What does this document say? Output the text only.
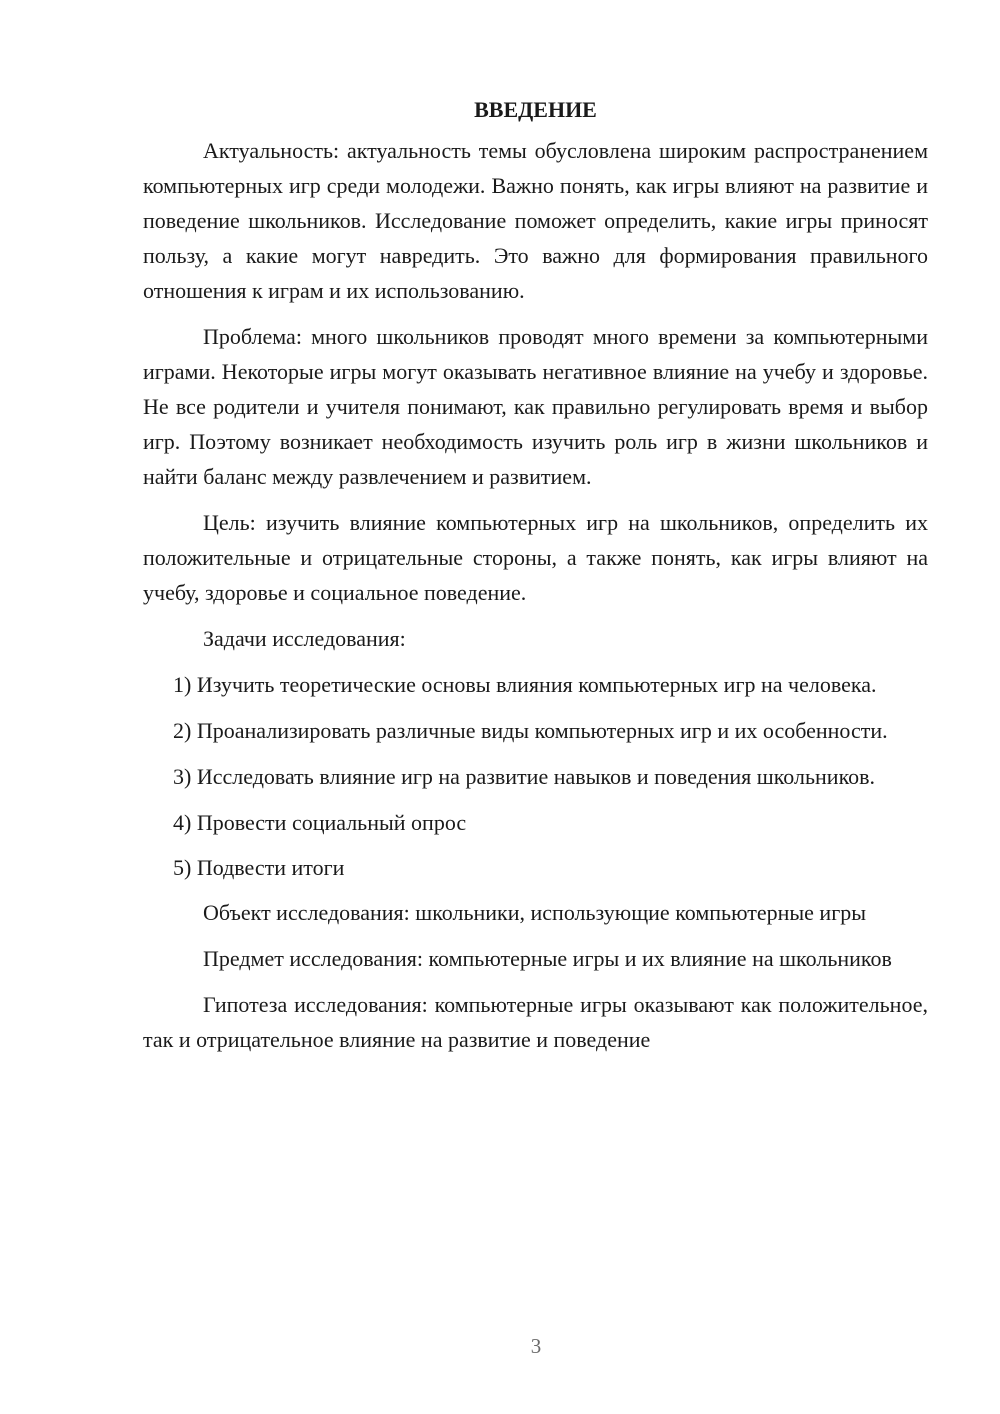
ВВЕДЕНИЕ

Актуальность: актуальность темы обусловлена широким распространением компьютерных игр среди молодежи. Важно понять, как игры влияют на развитие и поведение школьников. Исследование поможет определить, какие игры приносят пользу, а какие могут навредить. Это важно для формирования правильного отношения к играм и их использованию.

Проблема: много школьников проводят много времени за компьютерными играми. Некоторые игры могут оказывать негативное влияние на учебу и здоровье. Не все родители и учителя понимают, как правильно регулировать время и выбор игр. Поэтому возникает необходимость изучить роль игр в жизни школьников и найти баланс между развлечением и развитием.

Цель: изучить влияние компьютерных игр на школьников, определить их положительные и отрицательные стороны, а также понять, как игры влияют на учебу, здоровье и социальное поведение.

Задачи исследования:

1) Изучить теоретические основы влияния компьютерных игр на человека.

2) Проанализировать различные виды компьютерных игр и их особенности.

3) Исследовать влияние игр на развитие навыков и поведения школьников.

4) Провести социальный опрос

5) Подвести итоги

Объект исследования: школьники, использующие компьютерные игры

Предмет исследования: компьютерные игры и их влияние на школьников

Гипотеза исследования: компьютерные игры оказывают как положительное, так и отрицательное влияние на развитие и поведение

3
